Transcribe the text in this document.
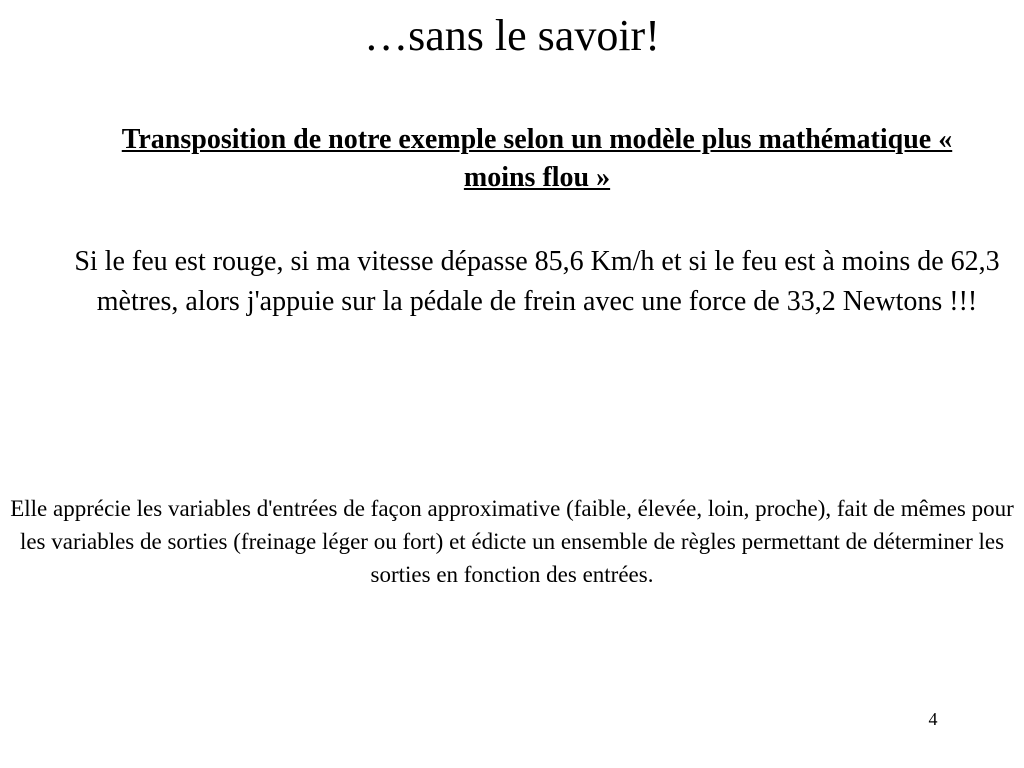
…sans le savoir!

Transposition de notre exemple selon un modèle plus mathématique « moins flou »

Si le feu est rouge, si ma vitesse dépasse 85,6 Km/h et si le feu est à moins de 62,3 mètres, alors j'appuie sur la pédale de frein avec une force de 33,2 Newtons !!!

Elle apprécie les variables d'entrées de façon approximative (faible, élevée, loin, proche), fait de mêmes pour les variables de sorties (freinage léger ou fort) et édicte un ensemble de règles permettant de déterminer les sorties en fonction des entrées.

4
